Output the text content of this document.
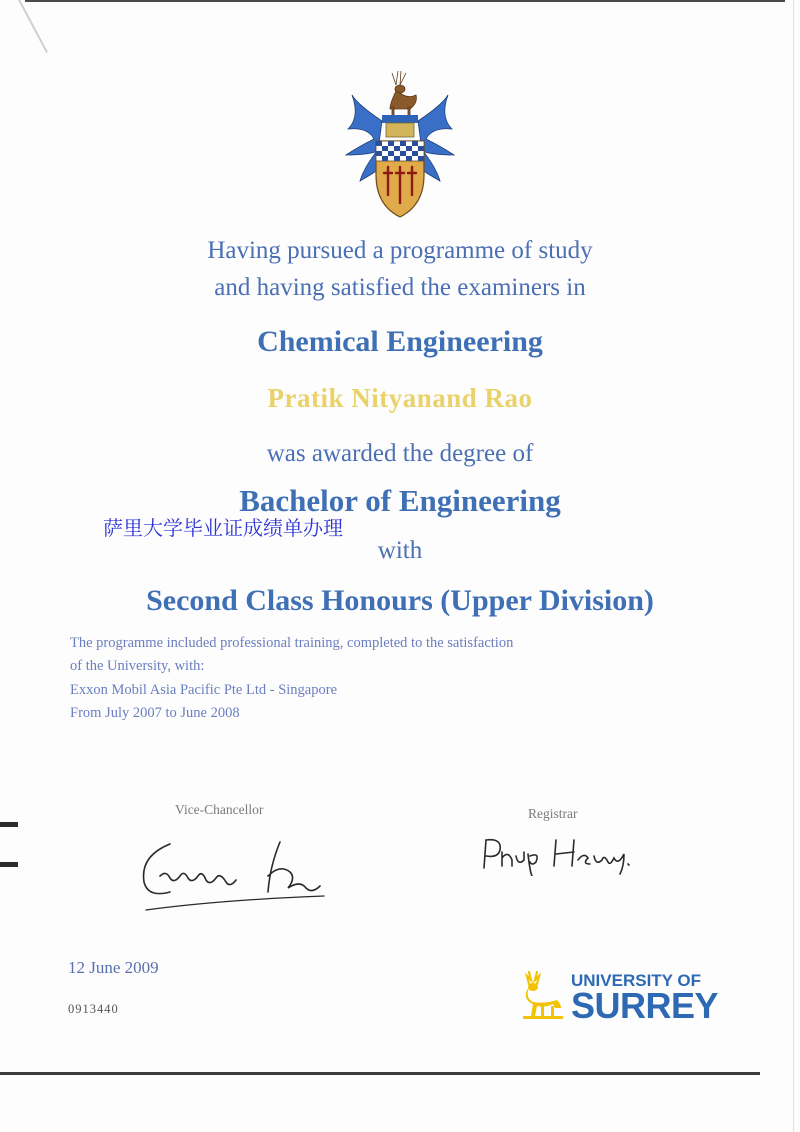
Having pursued a programme of study
and having satisfied the examiners in
Chemical Engineering
Pratik Nityanand Rao
was awarded the degree of
Bachelor of Engineering
萨里大学毕业证成绩单办理
with
Second Class Honours (Upper Division)
The programme included professional training, completed to the satisfaction
of the University, with:
Exxon Mobil Asia Pacific Pte Ltd - Singapore
From July 2007 to June 2008
Vice-Chancellor	Registrar
12 June 2009
0913440
UNIVERSITY OF
SURREY
